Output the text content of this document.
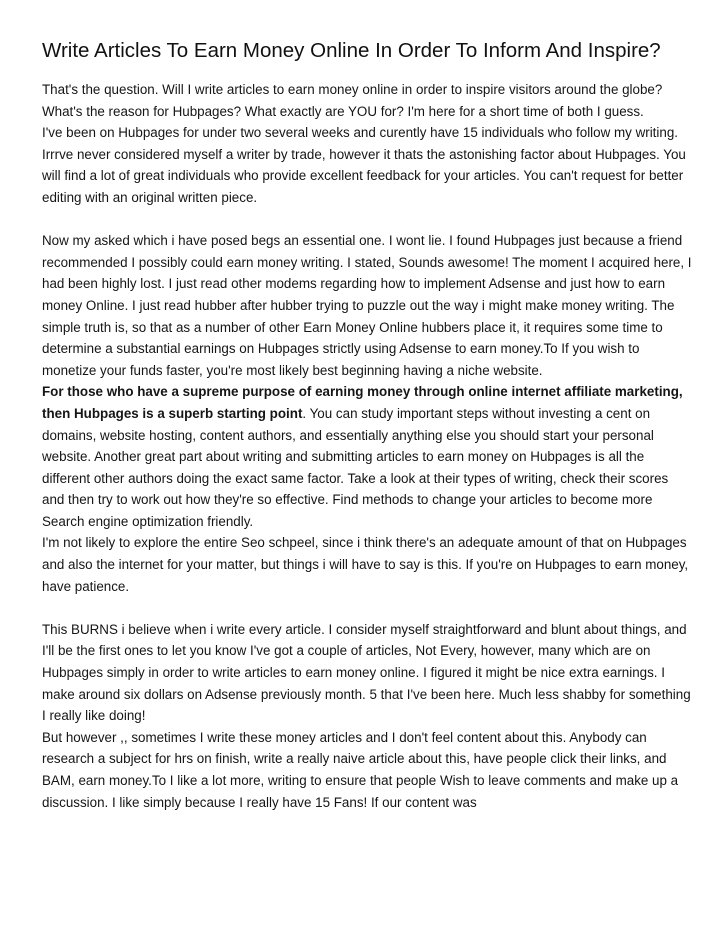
Write Articles To Earn Money Online In Order To Inform And Inspire?

That's the question. Will I write articles to earn money online in order to inspire visitors around the globe? What's the reason for Hubpages? What exactly are YOU for? I'm here for a short time of both I guess.

I've been on Hubpages for under two several weeks and curently have 15 individuals who follow my writing. Irrrve never considered myself a writer by trade, however it thats the astonishing factor about Hubpages. You will find a lot of great individuals who provide excellent feedback for your articles. You can't request for better editing with an original written piece.

Now my asked which i have posed begs an essential one. I wont lie. I found Hubpages just because a friend recommended I possibly could earn money writing. I stated, Sounds awesome! The moment I acquired here, I had been highly lost. I just read other modems regarding how to implement Adsense and just how to earn money Online. I just read hubber after hubber trying to puzzle out the way i might make money writing. The simple truth is, so that as a number of other Earn Money Online hubbers place it, it requires some time to determine a substantial earnings on Hubpages strictly using Adsense to earn money.To If you wish to monetize your funds faster, you're most likely best beginning having a niche website.

For those who have a supreme purpose of earning money through online internet affiliate marketing, then Hubpages is a superb starting point. You can study important steps without investing a cent on domains, website hosting, content authors, and essentially anything else you should start your personal website. Another great part about writing and submitting articles to earn money on Hubpages is all the different other authors doing the exact same factor. Take a look at their types of writing, check their scores and then try to work out how they're so effective. Find methods to change your articles to become more Search engine optimization friendly.

I'm not likely to explore the entire Seo schpeel, since i think there's an adequate amount of that on Hubpages and also the internet for your matter, but things i will have to say is this. If you're on Hubpages to earn money, have patience.

This BURNS i believe when i write every article. I consider myself straightforward and blunt about things, and I'll be the first ones to let you know I've got a couple of articles, Not Every, however, many which are on Hubpages simply in order to write articles to earn money online. I figured it might be nice extra earnings. I make around six dollars on Adsense previously month. 5 that I've been here. Much less shabby for something I really like doing!

But however ,, sometimes I write these money articles and I don't feel content about this. Anybody can research a subject for hrs on finish, write a really naive article about this, have people click their links, and BAM, earn money.To I like a lot more, writing to ensure that people Wish to leave comments and make up a discussion. I like simply because I really have 15 Fans! If our content was
